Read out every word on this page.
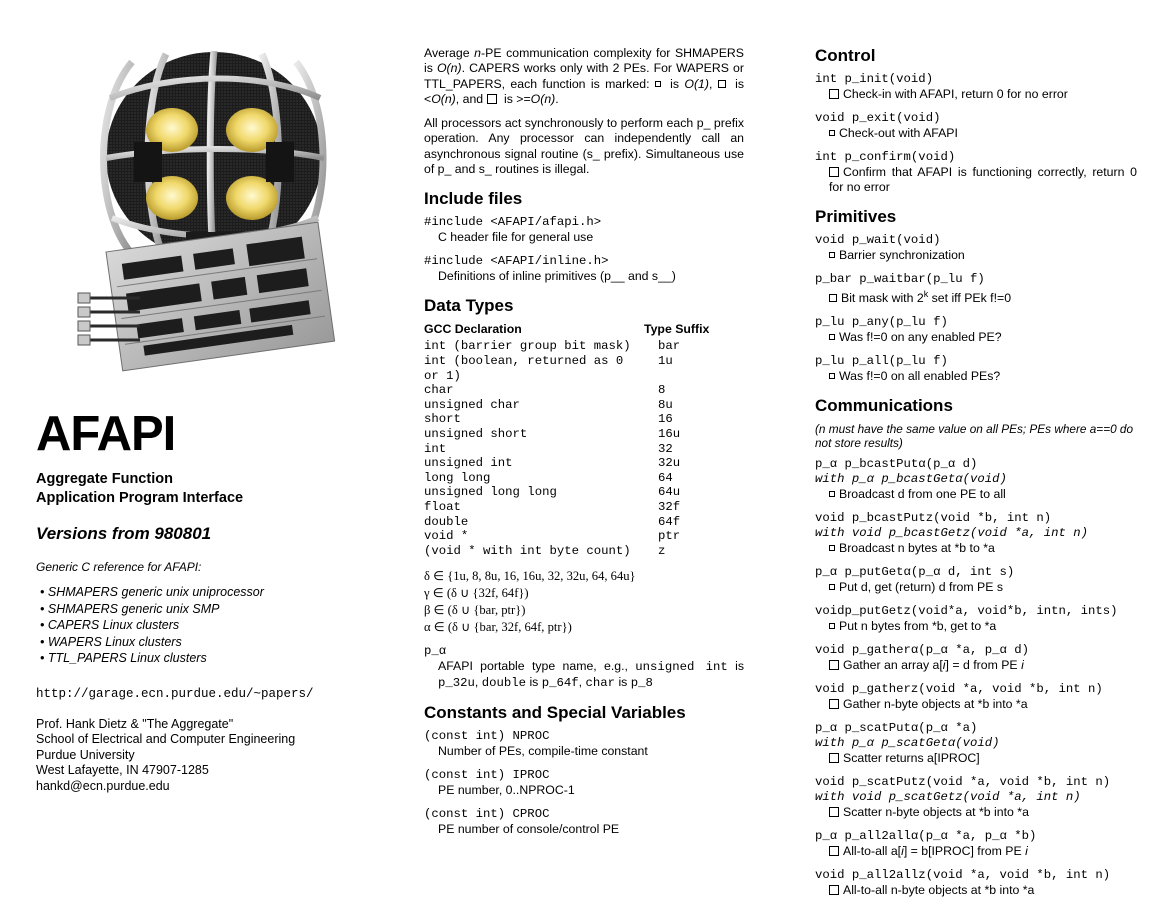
AFAPI
Aggregate Function
Application Program Interface
Versions from 980801
Generic C reference for AFAPI:
• SHMAPERS generic unix uniprocessor
• SHMAPERS generic unix SMP
• CAPERS Linux clusters
• WAPERS Linux clusters
• TTL_PAPERS Linux clusters
http://garage.ecn.purdue.edu/~papers/
Prof. Hank Dietz & "The Aggregate"
School of Electrical and Computer Engineering
Purdue University
West Lafayette, IN 47907-1285
hankd@ecn.purdue.edu

Average n-PE communication complexity for SHMAPERS is O(n). CAPERS works only with 2 PEs. For WAPERS or TTL_PAPERS, each function is marked:  is O(1),  is <O(n), and  is >=O(n).

All processors act synchronously to perform each p_ prefix operation. Any processor can independently call an asynchronous signal routine (s_ prefix). Simultaneous use of p_ and s_ routines is illegal.

Include files
#include <AFAPI/afapi.h>
C header file for general use
#include <AFAPI/inline.h>
Definitions of inline primitives (p__ and s__)
Data Types
GCC Declaration	Type Suffix
int (barrier group bit mask)	bar
int (boolean, returned as 0 or 1)	1u
char	8
unsigned char	8u
short	16
unsigned short	16u
int	32
unsigned int	32u
long long	64
unsigned long long	64u
float	32f
double	64f
void *	ptr
(void * with int byte count)	z
δ ∈ {1u, 8, 8u, 16, 16u, 32, 32u, 64, 64u}
γ ∈ (δ ∪ {32f, 64f})
β ∈ (δ ∪ {bar, ptr})
α ∈ (δ ∪ {bar, 32f, 64f, ptr})
p_α
AFAPI portable type name, e.g., unsigned int is p_32u, double is p_64f, char is p_8
Constants and Special Variables
(const int) NPROC
Number of PEs, compile-time constant
(const int) IPROC
PE number, 0..NPROC-1
(const int) CPROC
PE number of console/control PE
Control
int p_init(void)
Check-in with AFAPI, return 0 for no error
void p_exit(void)
Check-out with AFAPI
int p_confirm(void)
Confirm that AFAPI is functioning correctly, return 0 for no error
Primitives
void p_wait(void)
Barrier synchronization
p_bar p_waitbar(p_lu f)
Bit mask with 2$^k$ set iff PEk f!=0
p_lu p_any(p_lu f)
Was f!=0 on any enabled PE?
p_lu p_all(p_lu f)
Was f!=0 on all enabled PEs?
Communications
(n must have the same value on all PEs; PEs where a==0 do not store results)
p_α p_bcastPutα(p_α d)
with p_α p_bcastGetα(void)
Broadcast d from one PE to all
void p_bcastPutz(void *b, int n)
with void p_bcastGetz(void *a, int n)
Broadcast n bytes at *b to *a
p_α p_putGetα(p_α d, int s)
Put d, get (return) d from PE s
voidp_putGetz(void*a, void*b, intn, ints)
Put n bytes from *b, get to *a
void p_gatherα(p_α *a, p_α d)
Gather an array a[i] = d from PE i
void p_gatherz(void *a, void *b, int n)
Gather n-byte objects at *b into *a
p_α p_scatPutα(p_α *a)
with p_α p_scatGetα(void)
Scatter returns a[IPROC]
void p_scatPutz(void *a, void *b, int n)
with void p_scatGetz(void *a, int n)
Scatter n-byte objects at *b into *a
p_α p_all2allα(p_α *a, p_α *b)
All-to-all a[i] = b[IPROC] from PE i
void p_all2allz(void *a, void *b, int n)
All-to-all n-byte objects at *b into *a
